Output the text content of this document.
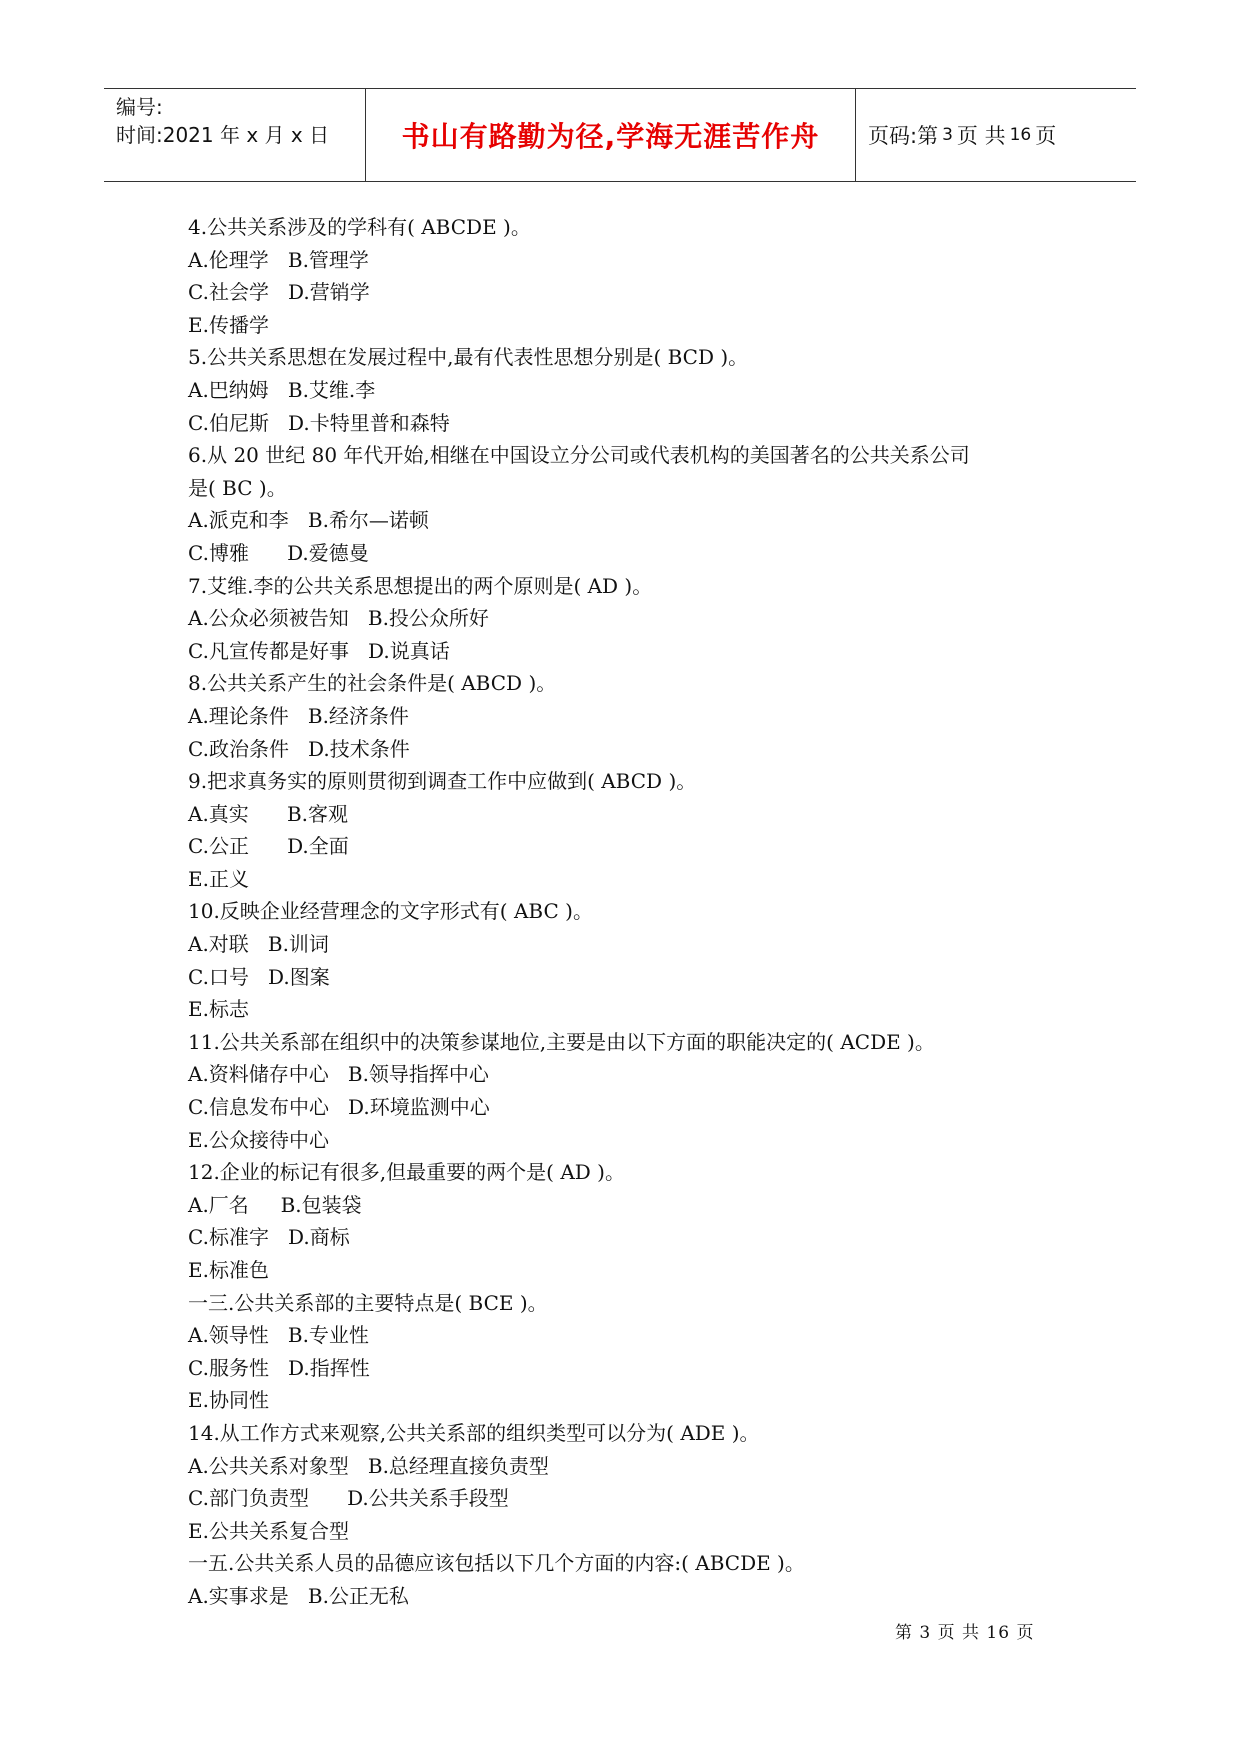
编号:
时间:2021 年 x 月 x 日	书山有路勤为径,学海无涯苦作舟	页码:第 3 页 共 16 页
4.公共关系涉及的学科有( ABCDE )。
A.伦理学   B.管理学
C.社会学   D.营销学
E.传播学
5.公共关系思想在发展过程中,最有代表性思想分别是( BCD )。
A.巴纳姆   B.艾维.李
C.伯尼斯   D.卡特里普和森特
6.从 20 世纪 80 年代开始,相继在中国设立分公司或代表机构的美国著名的公共关系公司
是( BC )。
A.派克和李   B.希尔—诺顿
C.博雅      D.爱德曼
7.艾维.李的公共关系思想提出的两个原则是( AD )。
A.公众必须被告知   B.投公众所好
C.凡宣传都是好事   D.说真话
8.公共关系产生的社会条件是( ABCD )。
A.理论条件   B.经济条件
C.政治条件   D.技术条件
9.把求真务实的原则贯彻到调查工作中应做到( ABCD )。
A.真实      B.客观
C.公正      D.全面
E.正义
10.反映企业经营理念的文字形式有( ABC )。
A.对联   B.训词
C.口号   D.图案
E.标志
11.公共关系部在组织中的决策参谋地位,主要是由以下方面的职能决定的( ACDE )。
A.资料储存中心   B.领导指挥中心
C.信息发布中心   D.环境监测中心
E.公众接待中心
12.企业的标记有很多,但最重要的两个是( AD )。
A.厂名     B.包装袋
C.标准字   D.商标
E.标准色
一三.公共关系部的主要特点是( BCE )。
A.领导性   B.专业性
C.服务性   D.指挥性
E.协同性
14.从工作方式来观察,公共关系部的组织类型可以分为( ADE )。
A.公共关系对象型   B.总经理直接负责型
C.部门负责型      D.公共关系手段型
E.公共关系复合型
一五.公共关系人员的品德应该包括以下几个方面的内容:( ABCDE )。
A.实事求是   B.公正无私
第 3 页 共 16 页
